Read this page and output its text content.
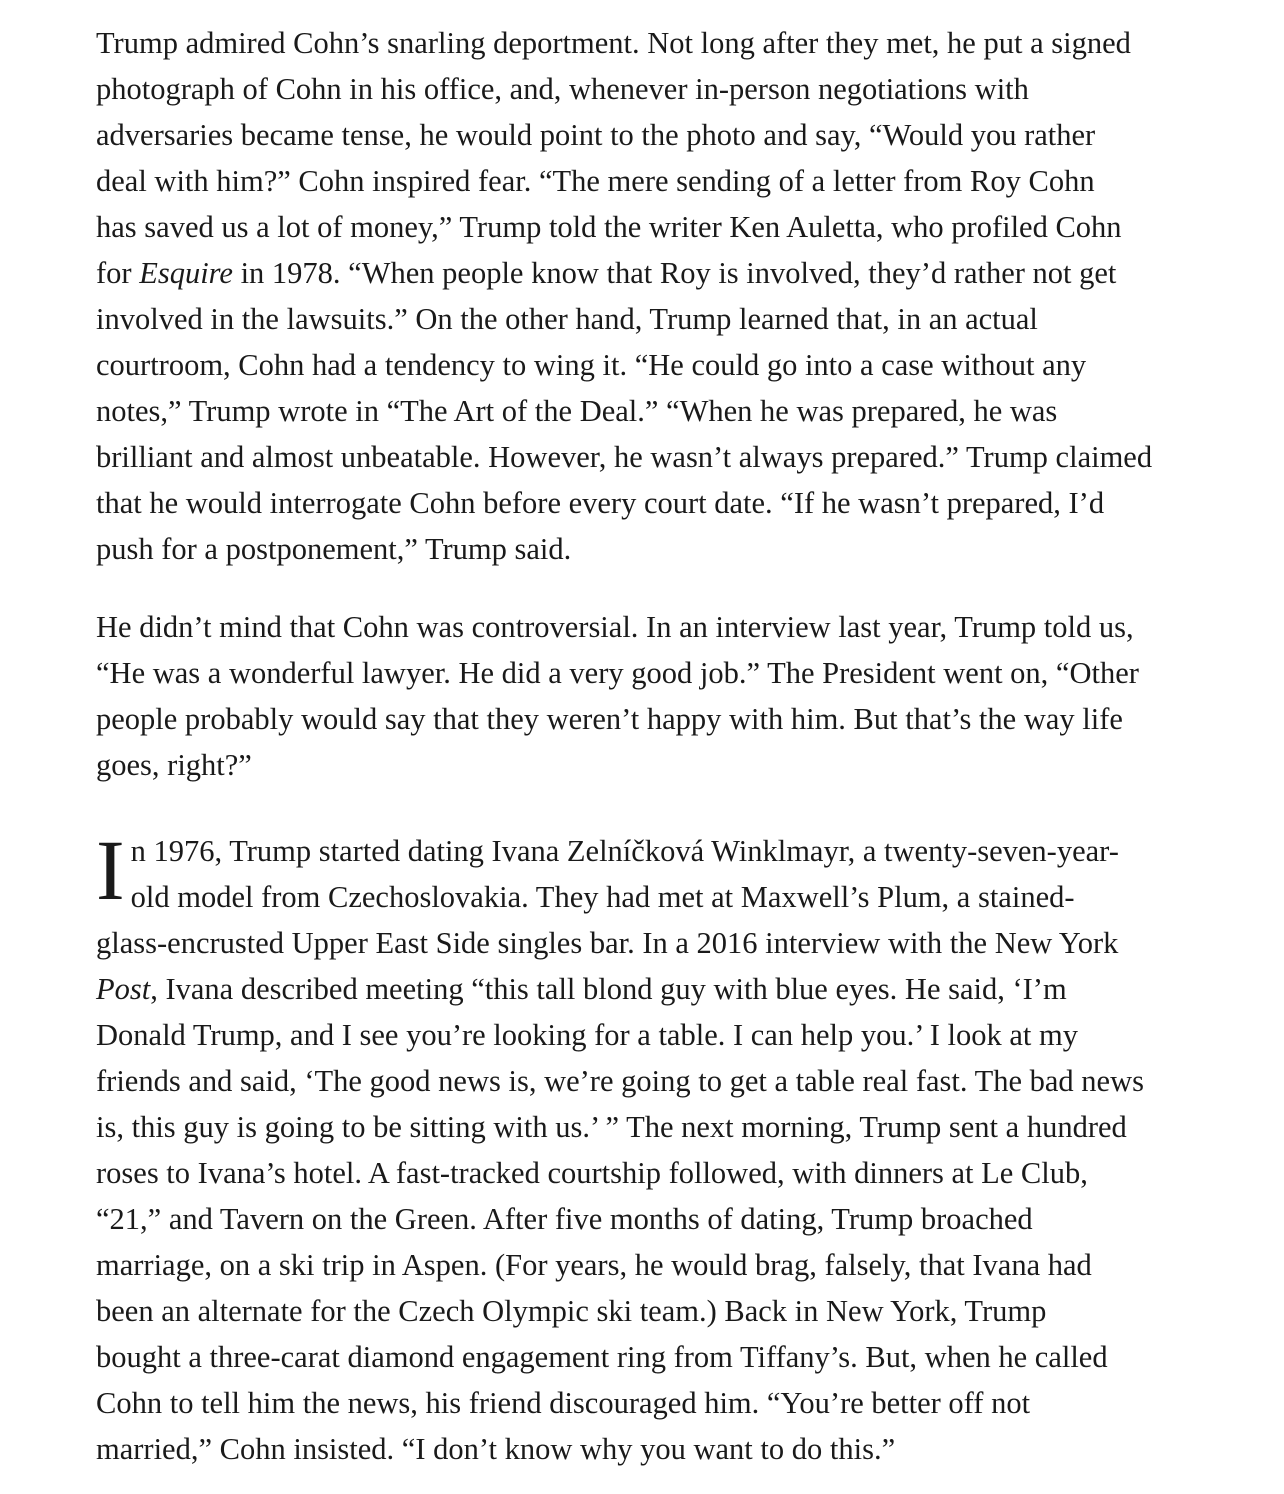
Trump admired Cohn’s snarling deportment. Not long after they met, he put a signed
photograph of Cohn in his office, and, whenever in-person negotiations with
adversaries became tense, he would point to the photo and say, “Would you rather
deal with him?” Cohn inspired fear. “The mere sending of a letter from Roy Cohn
has saved us a lot of money,” Trump told the writer Ken Auletta, who profiled Cohn
for Esquire in 1978. “When people know that Roy is involved, they’d rather not get
involved in the lawsuits.” On the other hand, Trump learned that, in an actual
courtroom, Cohn had a tendency to wing it. “He could go into a case without any
notes,” Trump wrote in “The Art of the Deal.” “When he was prepared, he was
brilliant and almost unbeatable. However, he wasn’t always prepared.” Trump claimed
that he would interrogate Cohn before every court date. “If he wasn’t prepared, I’d
push for a postponement,” Trump said.
He didn’t mind that Cohn was controversial. In an interview last year, Trump told us,
“He was a wonderful lawyer. He did a very good job.” The President went on, “Other
people probably would say that they weren’t happy with him. But that’s the way life
goes, right?”
I n 1976, Trump started dating Ivana Zelníčková Winklmayr, a twenty-seven-year-
old model from Czechoslovakia. They had met at Maxwell’s Plum, a stained-
glass-encrusted Upper East Side singles bar. In a 2016 interview with the New York
Post, Ivana described meeting “this tall blond guy with blue eyes. He said, ‘I’m
Donald Trump, and I see you’re looking for a table. I can help you.’ I look at my
friends and said, ‘The good news is, we’re going to get a table real fast. The bad news
is, this guy is going to be sitting with us.’ ” The next morning, Trump sent a hundred
roses to Ivana’s hotel. A fast-tracked courtship followed, with dinners at Le Club,
“21,” and Tavern on the Green. After five months of dating, Trump broached
marriage, on a ski trip in Aspen. (For years, he would brag, falsely, that Ivana had
been an alternate for the Czech Olympic ski team.) Back in New York, Trump
bought a three-carat diamond engagement ring from Tiffany’s. But, when he called
Cohn to tell him the news, his friend discouraged him. “You’re better off not
married,” Cohn insisted. “I don’t know why you want to do this.”
